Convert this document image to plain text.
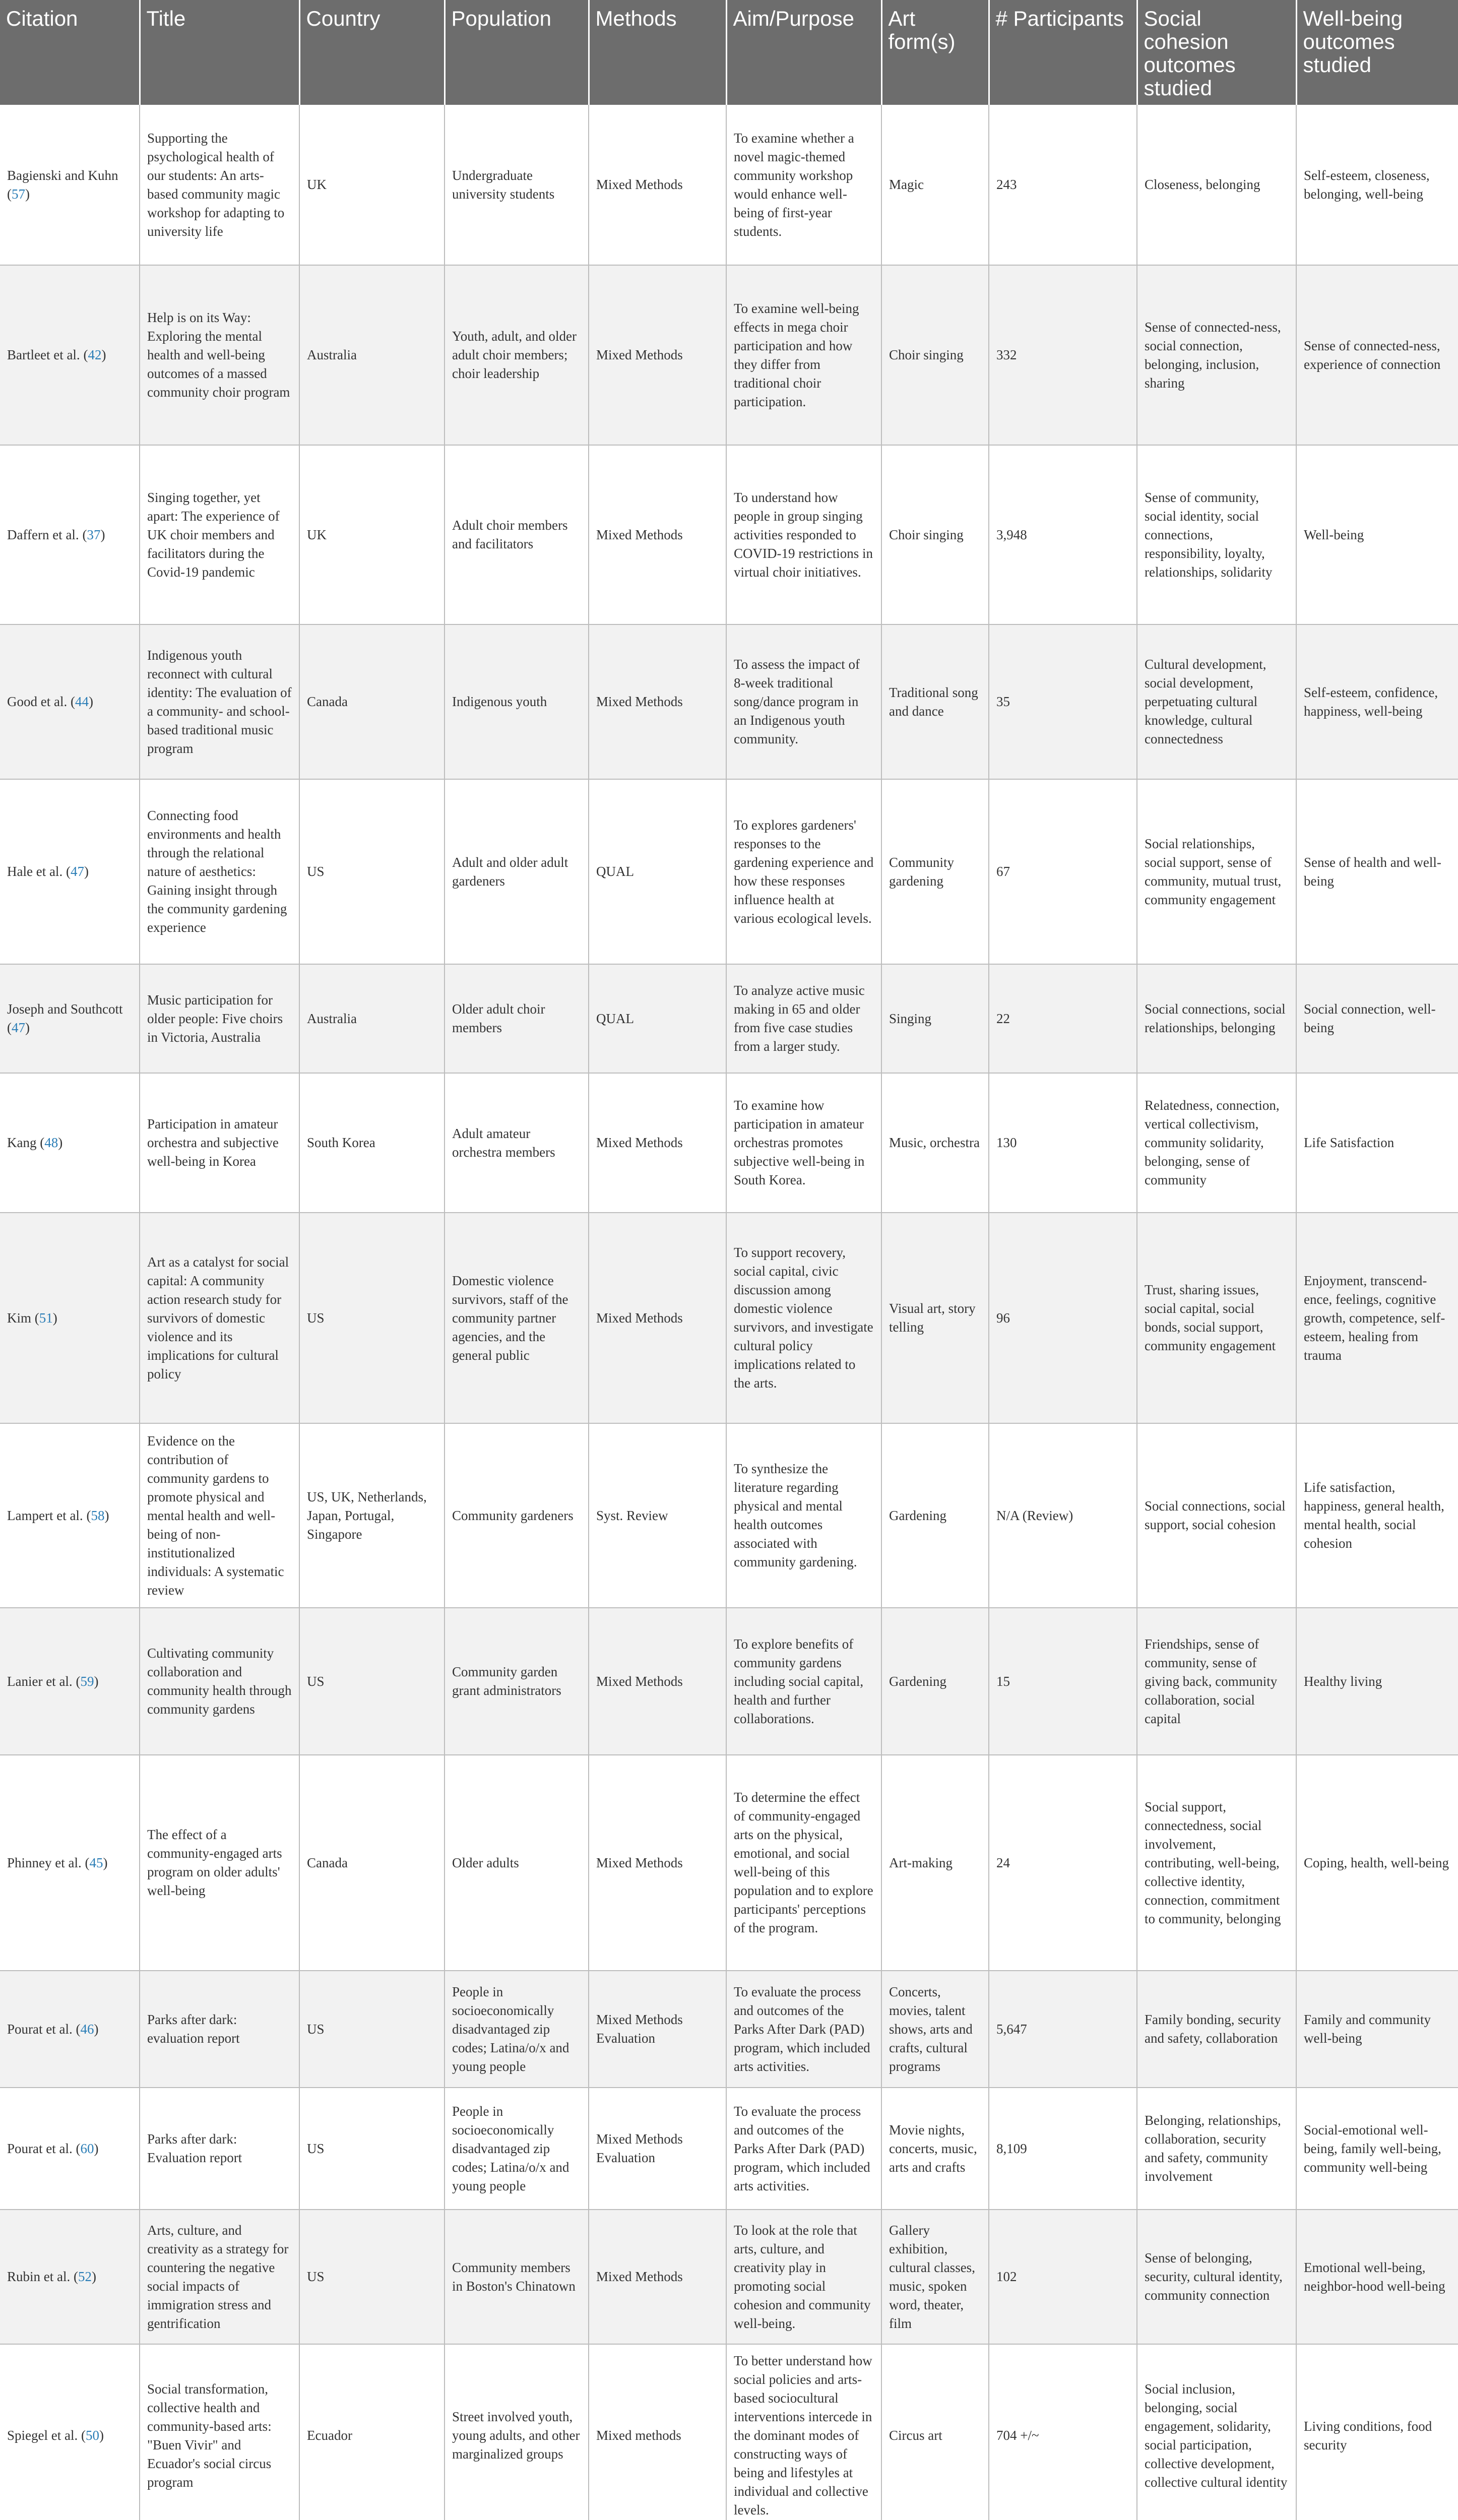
Citation	Title	Country	Population	Methods	Aim/Purpose	Art form(s)	# Participants	Social cohesion outcomes studied	Well-being outcomes studied
Bagienski and Kuhn (57)	Supporting the psychological health of our students: An arts-based community magic workshop for adapting to university life	UK	Undergraduate university students	Mixed Methods	To examine whether a novel magic-themed community workshop would enhance well-being of first-year students.	Magic	243	Closeness, belonging	Self-esteem, closeness, belonging, well-being
Bartleet et al. (42)	Help is on its Way: Exploring the mental health and well-being outcomes of a massed community choir program	Australia	Youth, adult, and older adult choir members; choir leadership	Mixed Methods	To examine well-being effects in mega choir participation and how they differ from traditional choir participation.	Choir singing	332	Sense of connected-ness, social connection, belonging, inclusion, sharing	Sense of connected-ness, experience of connection
Daffern et al. (37)	Singing together, yet apart: The experience of UK choir members and facilitators during the Covid-19 pandemic	UK	Adult choir members and facilitators	Mixed Methods	To understand how people in group singing activities responded to COVID-19 restrictions in virtual choir initiatives.	Choir singing	3,948	Sense of community, social identity, social connections, responsibility, loyalty, relationships, solidarity	Well-being
Good et al. (44)	Indigenous youth reconnect with cultural identity: The evaluation of a community- and school-based traditional music program	Canada	Indigenous youth	Mixed Methods	To assess the impact of 8-week traditional song/dance program in an Indigenous youth community.	Traditional song and dance	35	Cultural development, social development, perpetuating cultural knowledge, cultural connectedness	Self-esteem, confidence, happiness, well-being
Hale et al. (47)	Connecting food environments and health through the relational nature of aesthetics: Gaining insight through the community gardening experience	US	Adult and older adult gardeners	QUAL	To explores gardeners' responses to the gardening experience and how these responses influence health at various ecological levels.	Community gardening	67	Social relationships, social support, sense of community, mutual trust, community engagement	Sense of health and well-being
Joseph and Southcott (47)	Music participation for older people: Five choirs in Victoria, Australia	Australia	Older adult choir members	QUAL	To analyze active music making in 65 and older from five case studies from a larger study.	Singing	22	Social connections, social relationships, belonging	Social connection, well-being
Kang (48)	Participation in amateur orchestra and subjective well-being in Korea	South Korea	Adult amateur orchestra members	Mixed Methods	To examine how participation in amateur orchestras promotes subjective well-being in South Korea.	Music, orchestra	130	Relatedness, connection, vertical collectivism, community solidarity, belonging, sense of community	Life Satisfaction
Kim (51)	Art as a catalyst for social capital: A community action research study for survivors of domestic violence and its implications for cultural policy	US	Domestic violence survivors, staff of the community partner agencies, and the general public	Mixed Methods	To support recovery, social capital, civic discussion among domestic violence survivors, and investigate cultural policy implications related to the arts.	Visual art, story telling	96	Trust, sharing issues, social capital, social bonds, social support, community engagement	Enjoyment, transcend-ence, feelings, cognitive growth, competence, self-esteem, healing from trauma
Lampert et al. (58)	Evidence on the contribution of community gardens to promote physical and mental health and well-being of non-institutionalized individuals: A systematic review	US, UK, Netherlands, Japan, Portugal, Singapore	Community gardeners	Syst. Review	To synthesize the literature regarding physical and mental health outcomes associated with community gardening.	Gardening	N/A (Review)	Social connections, social support, social cohesion	Life satisfaction, happiness, general health, mental health, social cohesion
Lanier et al. (59)	Cultivating community collaboration and community health through community gardens	US	Community garden grant administrators	Mixed Methods	To explore benefits of community gardens including social capital, health and further collaborations.	Gardening	15	Friendships, sense of community, sense of giving back, community collaboration, social capital	Healthy living
Phinney et al. (45)	The effect of a community-engaged arts program on older adults' well-being	Canada	Older adults	Mixed Methods	To determine the effect of community-engaged arts on the physical, emotional, and social well-being of this population and to explore participants' perceptions of the program.	Art-making	24	Social support, connectedness, social involvement, contributing, well-being, collective identity, connection, commitment to community, belonging	Coping, health, well-being
Pourat et al. (46)	Parks after dark: evaluation report	US	People in socioeconomically disadvantaged zip codes; Latina/o/x and young people	Mixed Methods Evaluation	To evaluate the process and outcomes of the Parks After Dark (PAD) program, which included arts activities.	Concerts, movies, talent shows, arts and crafts, cultural programs	5,647	Family bonding, security and safety, collaboration	Family and community well-being
Pourat et al. (60)	Parks after dark: Evaluation report	US	People in socioeconomically disadvantaged zip codes; Latina/o/x and young people	Mixed Methods Evaluation	To evaluate the process and outcomes of the Parks After Dark (PAD) program, which included arts activities.	Movie nights, concerts, music, arts and crafts	8,109	Belonging, relationships, collaboration, security and safety, community involvement	Social-emotional well-being, family well-being, community well-being
Rubin et al. (52)	Arts, culture, and creativity as a strategy for countering the negative social impacts of immigration stress and gentrification	US	Community members in Boston's Chinatown	Mixed Methods	To look at the role that arts, culture, and creativity play in promoting social cohesion and community well-being.	Gallery exhibition, cultural classes, music, spoken word, theater, film	102	Sense of belonging, security, cultural identity, community connection	Emotional well-being, neighbor-hood well-being
Spiegel et al. (50)	Social transformation, collective health and community-based arts: "Buen Vivir" and Ecuador's social circus program	Ecuador	Street involved youth, young adults, and other marginalized groups	Mixed methods	To better understand how social policies and arts-based sociocultural interventions intercede in the dominant modes of constructing ways of being and lifestyles at individual and collective levels.	Circus art	704 +/~	Social inclusion, belonging, social engagement, solidarity, social participation, collective development, collective cultural identity	Living conditions, food security
